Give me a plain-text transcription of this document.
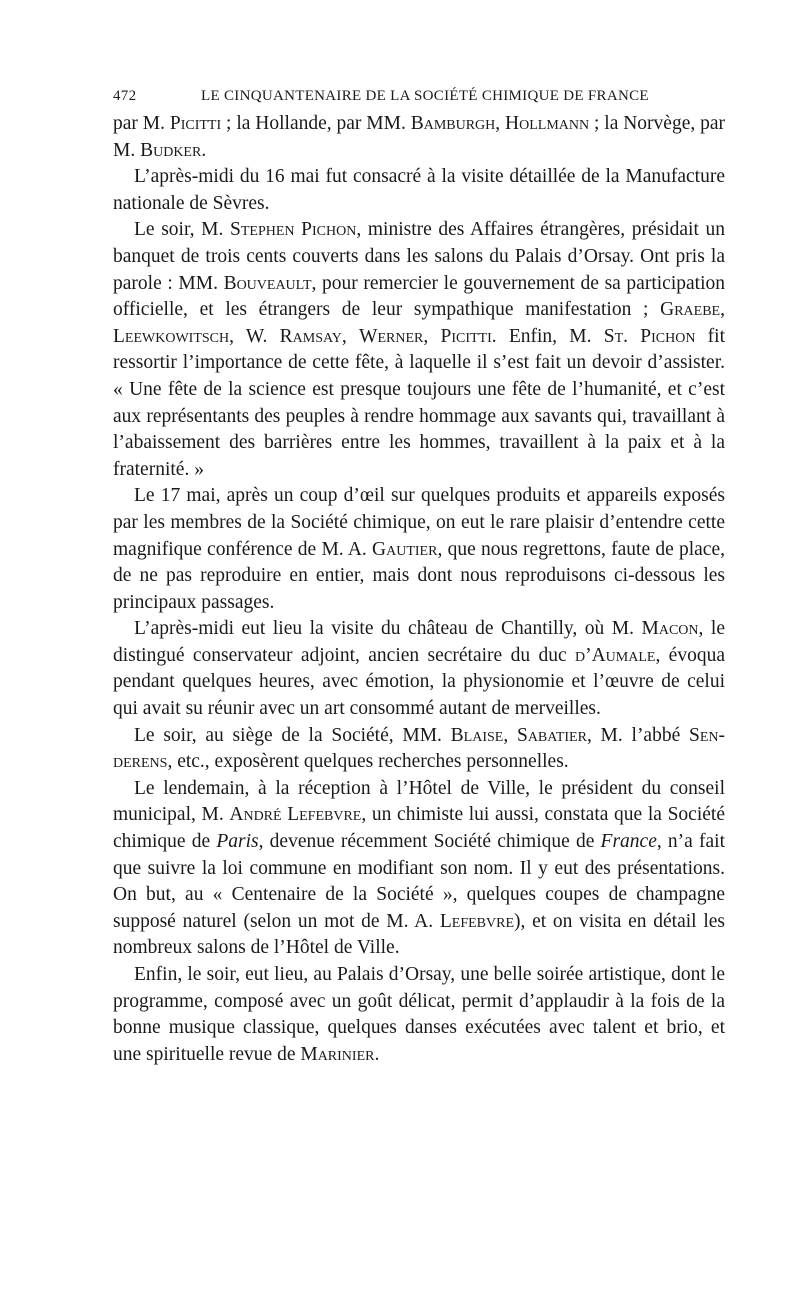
472	LE CINQUANTENAIRE DE LA SOCIÉTÉ CHIMIQUE DE FRANCE

par M. Picitti ; la Hollande, par MM. Bamburgh, Hollmann ; la Norvège, par M. Budker.

L’après-midi du 16 mai fut consacré à la visite détaillée de la Manufacture nationale de Sèvres.

Le soir, M. Stephen Pichon, ministre des Affaires étrangères, présidait un banquet de trois cents couverts dans les salons du Palais d’Orsay. Ont pris la parole : MM. Bouveault, pour remercier le gouvernement de sa participation officielle, et les étrangers de leur sympathique manifestation ; Graebe, Leewkowitsch, W. Ramsay, Werner, Picitti. Enfin, M. St. Pichon fit ressortir l’importance de cette fête, à laquelle il s’est fait un devoir d’assister. « Une fête de la science est presque toujours une fête de l’humanité, et c’est aux représentants des peuples à rendre hommage aux savants qui, travaillant à l’abaissement des barrières entre les hommes, travaillent à la paix et à la fraternité. »

Le 17 mai, après un coup d’œil sur quelques produits et appareils exposés par les membres de la Société chimique, on eut le rare plaisir d’entendre cette magnifique conférence de M. A. Gautier, que nous regrettons, faute de place, de ne pas reproduire en entier, mais dont nous reproduisons ci-dessous les principaux passages.

L’après-midi eut lieu la visite du château de Chantilly, où M. Macon, le distingué conservateur adjoint, ancien secrétaire du duc d’Aumale, évoqua pendant quelques heures, avec émotion, la physionomie et l’œuvre de celui qui avait su réunir avec un art consommé autant de merveilles.

Le soir, au siège de la Société, MM. Blaise, Sabatier, M. l’abbé Senderens, etc., exposèrent quelques recherches personnelles.

Le lendemain, à la réception à l’Hôtel de Ville, le président du conseil municipal, M. André Lefebvre, un chimiste lui aussi, constata que la Société chimique de Paris, devenue récemment Société chimique de France, n’a fait que suivre la loi commune en modifiant son nom. Il y eut des présentations. On but, au « Centenaire de la Société », quelques coupes de champagne supposé naturel (selon un mot de M. A. Lefebvre), et on visita en détail les nombreux salons de l’Hôtel de Ville.

Enfin, le soir, eut lieu, au Palais d’Orsay, une belle soirée artistique, dont le programme, composé avec un goût délicat, permit d’applaudir à la fois de la bonne musique classique, quelques danses exécutées avec talent et brio, et une spirituelle revue de Marinier.
